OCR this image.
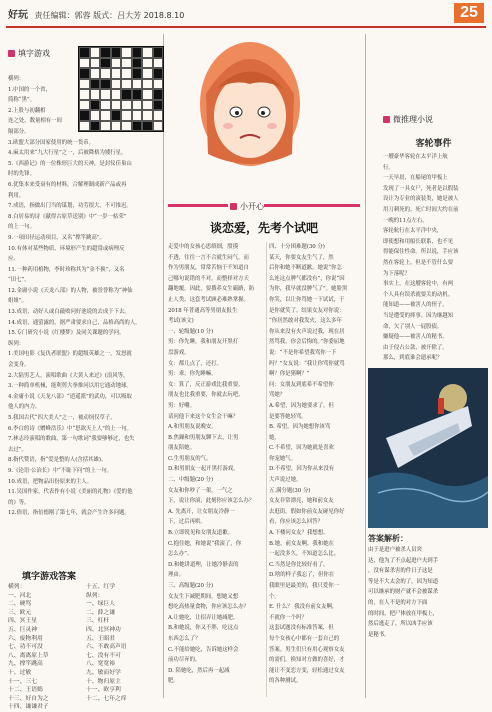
好玩 责任编辑：郭蓉 版式：吕大芳 2018.8.10	25
填字游戏

横列：

1.中国的一个省，

简称“黑”。

2.上股与初翻相

连之处，数量相有一间

隔部分。

3.欧盟大部分国家使用的统一货币。

4.麻太用来“九大行星”之一，后被降格为矮行星。

5.《西游记》的一位株形巨大的天神，是封仪佳巢山

时的先锋。

6.优集本来受衰有的材料，合解理制成新产品或再

利用。

7.成语，指做出门当的谋划，功劳很大，不可推迟。

8.白居易的诗《献得古原草送别》中“一岁一枯荣”

的上一句。

9.一项田径运动项目，又名“撑竿跳高”。

10.有体对某些物质、环境形产生的超常或病理反

应。

11.一种药用植物，李时珍称其为“金不换”，又名

“田七”。

12.金庸小说《天龙八部》的人物，被誉誉称为“神仙

姐姐”。

13.成语，动好人或白敲败问好池说的去成于下去。

14.成语，通萤露的，据严肃要求自己，品格高尚的人。

15.专门研究小说《红楼梦》及同关课题的学问。

纵列：

1.美国电影《复仇者联盟》的超级英雄之一，发怒就

会变身。

2.大陆男艺人，演唱歌曲《大黄人来过》(浪风等。

3.一种简单机械，能利剪大拳推问以用它通动地球。

4.金庸小说《天龙八部》“逍遥派”的武功，可以吸取

他人的内力。

5.我国古代“四大美人”之一，被动饲仅草子。

6.李白的诗《赠峰浩乐》中“思欲天上人”的上一句。

7.林志玲演唱的歌曲，第一句歌词“我要够够过，也失

去过”。

8.指代赞语，指“爱是整的人(含括其雄)。

9.《论语·公冶长》中“不耻下问”的上一句。

10.成语，把物品出份原来的主人。

11.吴国作家，代表作有小说《美丽的礼物》《爱的他

的》等。

12.俗语，指倍德刚了第七年，就会产生许多问题。

填字游戏答案

横列：

一、河北

二、硬骂

三、欧元

四、冥王星

五、巨灵神

六、废物利用

七、功不可没

八、离离原上草

九、撑竿跳高

十、过敏

十一、三七

十二、王语嫣

十三、好自为之

十四、谦谦君子

十五、红学

纵列：

一、绿巨人

二、薛之谦

三、杠杆

四、北冥神功

五、王昭君

六、不敢高声语

七、没有不可

八、宽宽裕

九、敏而好学

十、物归原主

十一、欧亨利

十二、七年之痒

小开心
谈恋爱，先考个试吧

走爱中的女孩心思缜细，殷摸

不透，往往一言不合就生闷气，而

作为男朋友，常常苦恼于不知道自

己哪句说错的不对。而整择对方天

翻地覆，因此，要撰养女生霸路，防

止人类，这套考试顾必难熟掌握。

2018 年普通高等男朋友报生

考试(该文)

一、轮级题(10 分)

男：你先睡，我和朋友开黑打

盘游戏。

女：都几点了，还打。

男：乖，你先睡嘛。

女：算了，反正游戏比我重要，

朋友也比我重要，你就去玩吧。

男：好嘞。

请问他下来这个女生会干嘛？

A.和男朋友说晚安。

B.焦躁和男朋友聊下去，让男

朋友陪她。

C.生男朋友的气。

D.和男朋友一起开黑打游戏。

二、中级题(20 分)

女友和你吵了一架，一气之

下，说让你滚，此刻你应该怎么办？

A. 先离开，让女朋友冷静一

下，过后再哄。

B.立即锐见和女朋友道歉。

C.抱住她，和她说“我滚了，你

怎么办”。

D.和她讲道理，让她冷静表的

理由。

三、高级题(20 分)

女友生下减肥期间，想她又想

想吃高热量食物，你应该怎么办？

A.让她吃，让招弄让她减肥。

B.和她说，你又不胖，吃这点

东西怎么了？

C.不能给她吃，告诉她这样会

前功尽弃的。

D. 陪她吃，然后再一起减

肥。

四、十分困难题(30 分)

某天，你要女友生气了，然

后你和她不断道歉。她说“你怎

么连这点脾气都没有”，你说“因

为你，我早就没脾气了”。她脸黑

你笑，以让你骂她一下试试，于

是你就笑了。结果女友对你说：

“你居然敢对我发火，这么多年

你从来没有火声说过我，现在居

然骂我，你会后悔的。”你委屈地

说：“不是你希望我骂你一下

吗？”女友说：“我让你骂你就骂

啊？你是猪啊？”

问：女朋友到底希不希望你

骂她？

A.希望，因为她要求了，但

是要答她轻骂。

B. 希望，因为她想你该骂

她。

C.不希望，因为她就是喜欢

你宠她气。

D.不希望，因为你从来没有

大声说过她。

五.满分题(30 分)

女友非常漂亮，她和前女友

去逛街，假如你前女友碰见你好

看，你应该怎么回答？

A.下楼问女友？我想想。

B.她，前女友啊，我和她在

一起没多久，不知道怎么比。

C.当然是你比较好看了。

D.啥的样子我忘了，但你在

我眼里是最美的，我只爱你一

个。

E. 什么？ 我没有前女友啊，

不就你一个吗？

这套试题没有标准答案，但

每个女孩心中都有一套自己的

答案。男生们只有用心观察女友

的需们，换知对方做的喜好，才

能让不变恋方变，轻松通过女友

的各种测试。

微推理小说
客轮事件

一艘豪华客轮在太平洋上航

行。

一天早晨，在船尾的甲板上

发现了一具女尸，死者是以假装

设计为专业的滚装类，她是被人

用刀刺死的。死亡时间大约在前

一晚的11点左右。

客轮航行在太平洋中央，

即使想和用船长联系，也不见

得能保住性命。所以说，手应该

然在客轮上。但是不管什么要

为下落呢？

事实上，在这艘客轮中，有两

个人具有误杀就要关的动机。

能知道——被害人的侄子，

当是遭受的摔事。因为继越知

命，欠了别人一屁股债。

嫌疑他——被害人的秘书。

由于侵占公款，被开除了。

那么，到底谁会遗承呢？

答案解析：

由于是进户被杀人员突

达，他为了不点起进户夫到手

，没有谋杀害的件日子这是

等是不大太会的了，因为知道

可以继承的财产就不会被谋杀

的，在人不是的对方下面

的时间，把尸体放在甲板上，

然后逃走了，所以凶手应该

是秘书。
